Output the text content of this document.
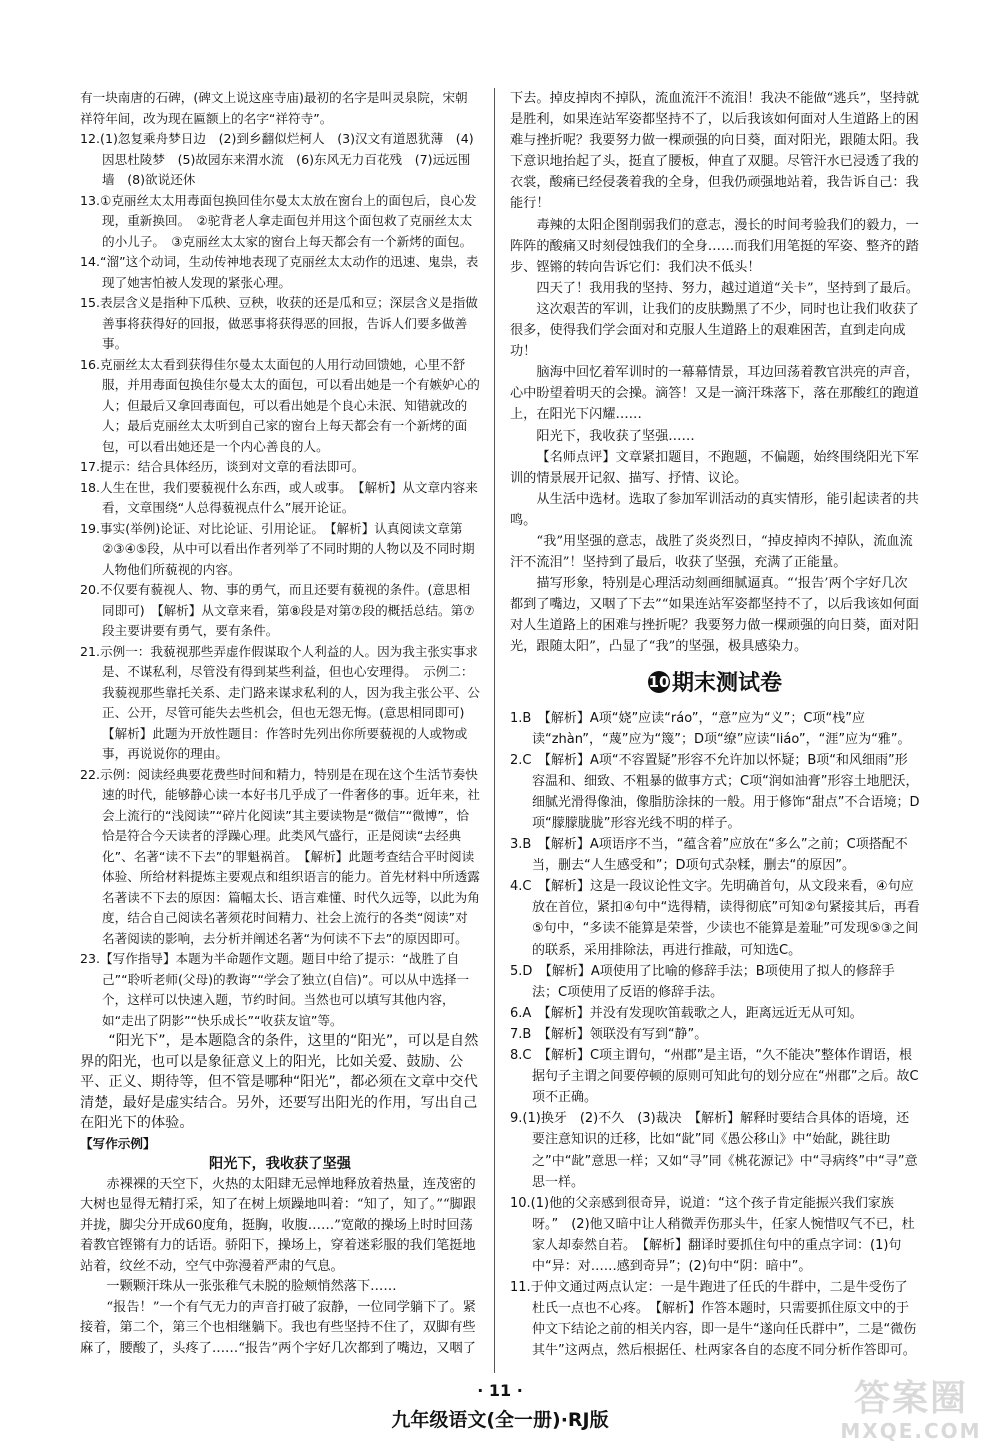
有一块南唐的石碑，(碑文上说这座寺庙)最初的名字是叫灵泉院，宋朝祥符年间，改为现在匾额上的名字“祥符寺”。

12.(1)忽复乘舟梦日边　(2)到乡翻似烂柯人　(3)汉文有道恩犹薄　(4)因思杜陵梦　(5)故园东来渭水流　(6)东风无力百花残　(7)远远围墙　(8)欲说还休

13.①克丽丝太太用毒面包换回佳尔曼太太放在窗台上的面包后，良心发现，重新换回。　②驼背老人拿走面包并用这个面包救了克丽丝太太的小儿子。　③克丽丝太太家的窗台上每天都会有一个新烤的面包。

14.“溜”这个动词，生动传神地表现了克丽丝太太动作的迅速、鬼祟，表现了她害怕被人发现的紧张心理。

15.表层含义是指种下瓜秧、豆秧，收获的还是瓜和豆；深层含义是指做善事将获得好的回报，做恶事将获得恶的回报，告诉人们要多做善事。

16.克丽丝太太看到获得佳尔曼太太面包的人用行动回馈她，心里不舒服，并用毒面包换佳尔曼太太的面包，可以看出她是一个有嫉妒心的人；但最后又拿回毒面包，可以看出她是个良心未泯、知错就改的人；最后克丽丝太太听到自己家的窗台上每天都会有一个新烤的面包，可以看出她还是一个内心善良的人。

17.提示：结合具体经历，谈到对文章的看法即可。

18.人生在世，我们要藐视什么东西，或人或事。　【解析】从文章内容来看，文章围绕“人总得藐视点什么”展开论证。

19.事实(举例)论证、对比论证、引用论证。　【解析】认真阅读文章第②③④⑤段，从中可以看出作者列举了不同时期的人物以及不同时期人物他们所藐视的内容。

20.不仅要有藐视人、物、事的勇气，而且还要有藐视的条件。(意思相同即可)　【解析】从文章来看，第⑧段是对第⑦段的概括总结。第⑦段主要讲要有勇气，要有条件。

21.示例一：我藐视那些弄虚作假谋取个人利益的人。因为我主张实事求是、不谋私利，尽管没有得到某些利益，但也心安理得。　示例二：我藐视那些靠托关系、走门路来谋求私利的人，因为我主张公平、公正、公开，尽管可能失去些机会，但也无怨无悔。(意思相同即可)　【解析】此题为开放性题目：作答时先列出你所要藐视的人或物或事，再说说你的理由。

22.示例：阅读经典要花费些时间和精力，特别是在现在这个生活节奏快速的时代，能够静心读一本好书几乎成了一件奢侈的事。近年来，社会上流行的“浅阅读”“碎片化阅读”其主要读物是“微信”“微博”，恰恰是符合今天读者的浮躁心理。此类风气盛行，正是阅读“去经典化”、名著“读不下去”的罪魁祸首。　【解析】此题考查结合平时阅读体验、所给材料提炼主要观点和组织语言的能力。首先材料中所透露名著读不下去的原因：篇幅太长、语言难懂、时代久远等，以此为角度，结合自己阅读名著须花时间精力、社会上流行的各类“阅读”对名著阅读的影响，去分析并阐述名著“为何读不下去”的原因即可。

23.【写作指导】本题为半命题作文题。题目中给了提示：“战胜了自己”“聆听老师(父母)的教诲”“学会了独立(自信)”。可以从中选择一个，这样可以快速入题，节约时间。当然也可以填写其他内容，如“走出了阴影”“快乐成长”“收获友谊”等。

“阳光下”，是本题隐含的条件，这里的“阳光”，可以是自然界的阳光，也可以是象征意义上的阳光，比如关爱、鼓励、公平、正义、期待等，但不管是哪种“阳光”，都必须在文章中交代清楚，最好是虚实结合。另外，还要写出阳光的作用，写出自己在阳光下的体验。

【写作示例】

阳光下，我收获了坚强

赤裸裸的天空下，火热的太阳肆无忌惮地释放着热量，连茂密的大树也显得无精打采，知了在树上烦躁地叫着：“知了，知了。”“脚跟并拢，脚尖分开成60度角，挺胸，收腹……”宽敞的操场上时时回荡着教官铿锵有力的话语。骄阳下，操场上，穿着迷彩服的我们笔挺地站着，纹丝不动，空气中弥漫着严肃的气息。

一颗颗汗珠从一张张稚气未脱的脸颊悄然落下……

“报告！”一个有气无力的声音打破了寂静，一位同学躺下了。紧接着，第二个，第三个也相继躺下。我也有些坚持不住了，双脚有些麻了，腰酸了，头疼了……“报告”两个字好几次都到了嘴边，又咽了

下去。掉皮掉肉不掉队，流血流汗不流泪！我决不能做“逃兵”，坚持就是胜利，如果连站军姿都坚持不了，以后我该如何面对人生道路上的困难与挫折呢？我要努力做一棵顽强的向日葵，面对阳光，跟随太阳。我下意识地抬起了头，挺直了腰板，伸直了双腿。尽管汗水已浸透了我的衣裳，酸痛已经侵袭着我的全身，但我仍顽强地站着，我告诉自己：我能行！

毒辣的太阳企图削弱我们的意志，漫长的时间考验我们的毅力，一阵阵的酸痛又时刻侵蚀我们的全身……而我们用笔挺的军姿、整齐的踏步、铿锵的转向告诉它们：我们决不低头！

四天了！我用我的坚持、努力，越过道道“关卡”，坚持到了最后。

这次艰苦的军训，让我们的皮肤黝黑了不少，同时也让我们收获了很多，使得我们学会面对和克服人生道路上的艰难困苦，直到走向成功！

脑海中回忆着军训时的一幕幕情景，耳边回荡着教官洪亮的声音，心中盼望着明天的会操。滴答！又是一滴汗珠落下，落在那酸红的跑道上，在阳光下闪耀……

阳光下，我收获了坚强……

【名师点评】文章紧扣题目，不跑题，不偏题，始终围绕阳光下军训的情景展开记叙、描写、抒情、议论。

从生活中选材。选取了参加军训活动的真实情形，能引起读者的共鸣。

“我”用坚强的意志，战胜了炎炎烈日，“掉皮掉肉不掉队，流血流汗不流泪”！坚持到了最后，收获了坚强，充满了正能量。

描写形象，特别是心理活动刻画细腻逼真。“‘报告’两个字好几次都到了嘴边，又咽了下去”“如果连站军姿都坚持不了，以后我该如何面对人生道路上的困难与挫折呢？我要努力做一棵顽强的向日葵，面对阳光，跟随太阳”，凸显了“我”的坚强，极具感染力。

10 期末测试卷

1.B　【解析】A项“娆”应读“ráo”，“意”应为“义”；C项“栈”应读“zhàn”，“蔑”应为“篾”；D项“缭”应读“liáo”，“涯”应为“雅”。

2.C　【解析】A项“不容置疑”形容不允许加以怀疑；B项“和风细雨”形容温和、细致、不粗暴的做事方式；C项“润如油膏”形容土地肥沃，细腻光滑得像油，像脂肪涂抹的一般。用于修饰“甜点”不合语境；D项“朦朦胧胧”形容光线不明的样子。

3.B　【解析】A项语序不当，“蕴含着”应放在“多么”之前；C项搭配不当，删去“人生感受和”；D项句式杂糅，删去“的原因”。

4.C　【解析】这是一段议论性文字。先明确首句，从文段来看，④句应放在首位，紧扣④句中“选得精，读得彻底”可知②句紧接其后，再看⑤句中，“多读不能算是荣誉，少读也不能算是羞耻”可发现⑤③之间的联系，采用排除法，再进行推敲，可知选C。

5.D　【解析】A项使用了比喻的修辞手法；B项使用了拟人的修辞手法；C项使用了反语的修辞手法。

6.A　【解析】并没有发现吹笛载歌之人，距离远近无从可知。

7.B　【解析】领联没有写到“静”。

8.C　【解析】C项主谓句，“州郡”是主语，“久不能决”整体作谓语，根据句子主谓之间要停顿的原则可知此句的划分应在“州郡”之后。故C项不正确。

9.(1)换牙　(2)不久　(3)裁决　【解析】解释时要结合具体的语境，还要注意知识的迁移，比如“龀”同《愚公移山》中“始龀，跳往助之”中“龀”意思一样；又如“寻”同《桃花源记》中“寻病终”中“寻”意思一样。

10.(1)他的父亲感到很奇异，说道：“这个孩子肯定能振兴我们家族呀。”　(2)他又暗中让人稍微弄伤那头牛，任家人惋惜叹气不已，杜家人却泰然自若。　【解析】翻译时要抓住句中的重点字词：(1)句中“异：对……感到奇异”；(2)句中“阴：暗中”。

11.于仲文通过两点认定：一是牛跑进了任氏的牛群中，二是牛受伤了杜氏一点也不心疼。　【解析】作答本题时，只需要抓住原文中的于仲文下结论之前的相关内容，即一是牛“遂向任氏群中”，二是“微伤其牛”这两点，然后根据任、杜两家各自的态度不同分析作答即可。

· 11 ·
九年级语文(全一册)·RJ版
答案圈
MXQE.COM
